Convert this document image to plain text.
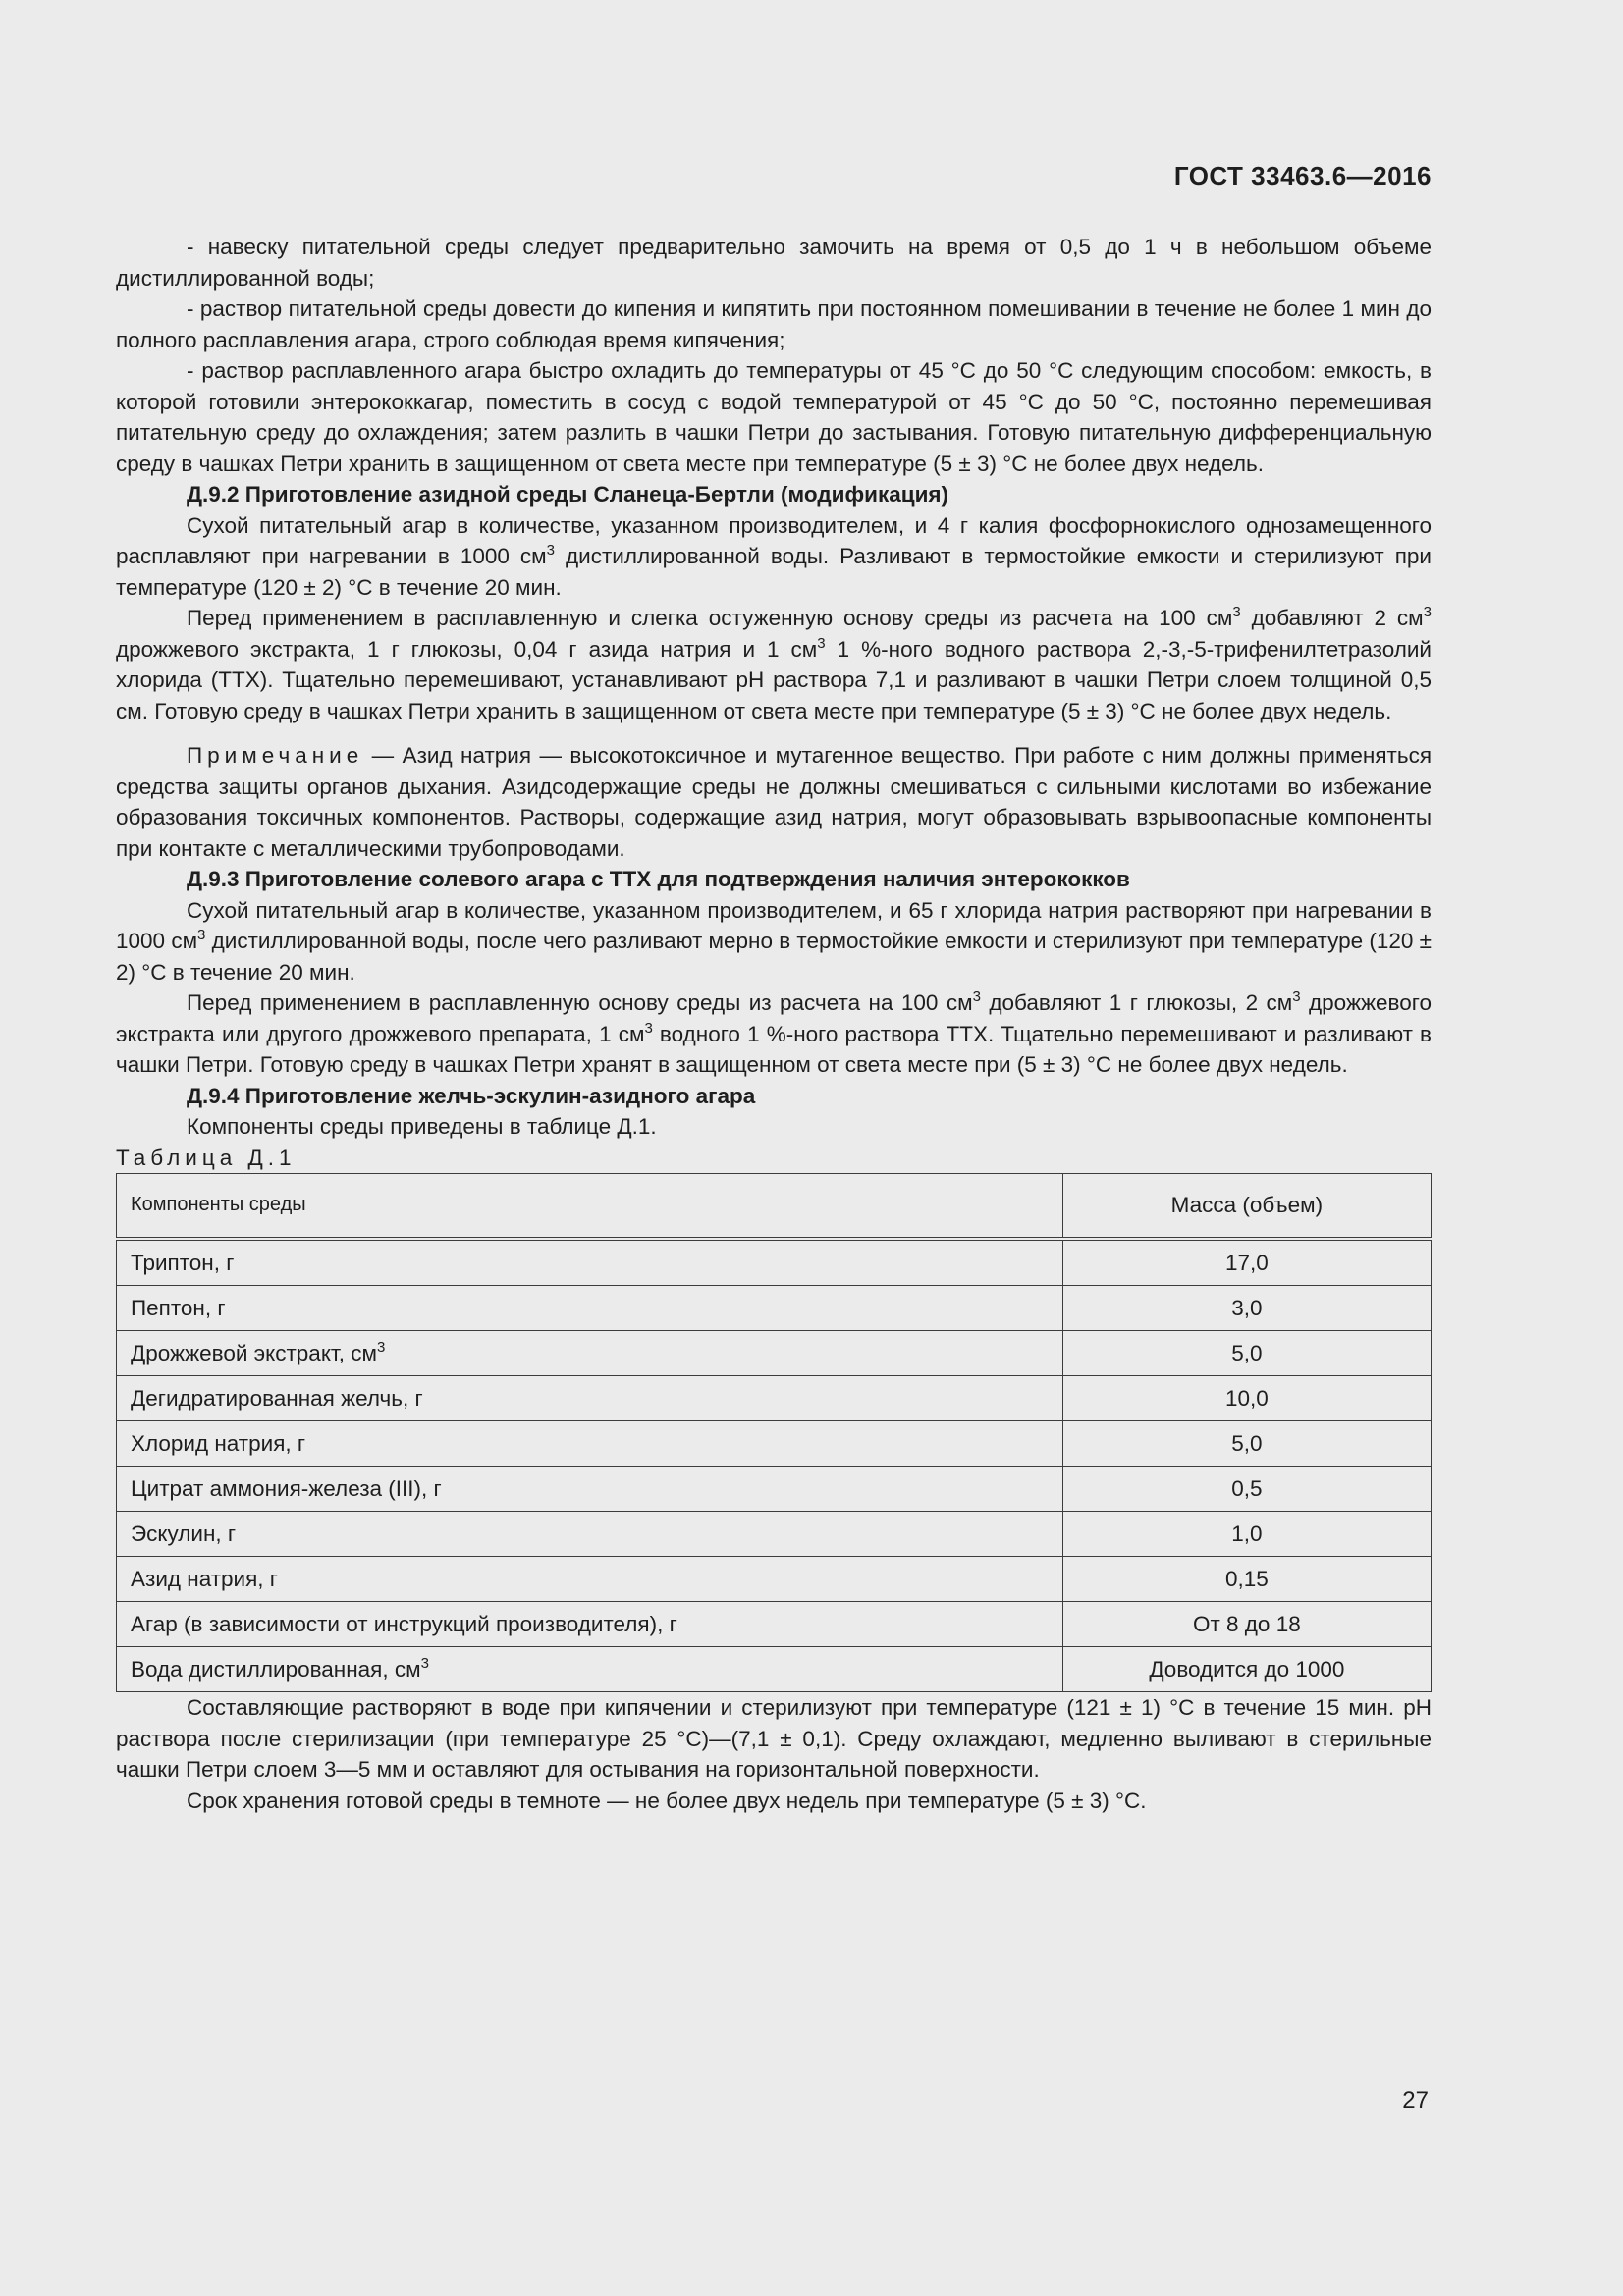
ГОСТ 33463.6—2016

- навеску питательной среды следует предварительно замочить на время от 0,5 до 1 ч в небольшом объеме дистиллированной воды;

- раствор питательной среды довести до кипения и кипятить при постоянном помешивании в течение не более 1 мин до полного расплавления агара, строго соблюдая время кипячения;

- раствор расплавленного агара быстро охладить до температуры от 45 °С до 50 °С следующим способом: емкость, в которой готовили энтерококкагар, поместить в сосуд с водой температурой от 45 °С до 50 °С, постоянно перемешивая питательную среду до охлаждения; затем разлить в чашки Петри до застывания. Готовую питательную дифференциальную среду в чашках Петри хранить в защищенном от света месте при температуре (5 ± 3) °С не более двух недель.

Д.9.2 Приготовление азидной среды Сланеца-Бертли (модификация)

Сухой питательный агар в количестве, указанном производителем, и 4 г калия фосфорнокислого однозамещенного расплавляют при нагревании в 1000 $см^3$ дистиллированной воды. Разливают в термостойкие емкости и стерилизуют при температуре (120 ± 2) °С в течение 20 мин.

Перед применением в расплавленную и слегка остуженную основу среды из расчета на 100 $см^3$ добавляют 2 $см^3$ дрожжевого экстракта, 1 г глюкозы, 0,04 г азида натрия и 1 $см^3$ 1 %-ного водного раствора 2,-3,-5-трифенилтетразолий хлорида (ТТХ). Тщательно перемешивают, устанавливают рН раствора 7,1 и разливают в чашки Петри слоем толщиной 0,5 см. Готовую среду в чашках Петри хранить в защищенном от света месте при температуре (5 ± 3) °С не более двух недель.

Примечание — Азид натрия — высокотоксичное и мутагенное вещество. При работе с ним должны применяться средства защиты органов дыхания. Азидсодержащие среды не должны смешиваться с сильными кислотами во избежание образования токсичных компонентов. Растворы, содержащие азид натрия, могут образовывать взрывоопасные компоненты при контакте с металлическими трубопроводами.

Д.9.3 Приготовление солевого агара с ТТХ для подтверждения наличия энтерококков

Сухой питательный агар в количестве, указанном производителем, и 65 г хлорида натрия растворяют при нагревании в 1000 $см^3$ дистиллированной воды, после чего разливают мерно в термостойкие емкости и стерилизуют при температуре (120 ± 2) °С в течение 20 мин.

Перед применением в расплавленную основу среды из расчета на 100 $см^3$ добавляют 1 г глюкозы, 2 $см^3$ дрожжевого экстракта или другого дрожжевого препарата, 1 $см^3$ водного 1 %-ного раствора ТТХ. Тщательно перемешивают и разливают в чашки Петри. Готовую среду в чашках Петри хранят в защищенном от света месте при (5 ± 3) °С не более двух недель.

Д.9.4 Приготовление желчь-эскулин-азидного агара

Компоненты среды приведены в таблице Д.1.

Таблица Д.1

Компоненты среды	Масса (объем)
Триптон, г	17,0
Пептон, г	3,0
Дрожжевой экстракт, $см^3$	5,0
Дегидратированная желчь, г	10,0
Хлорид натрия, г	5,0
Цитрат аммония-железа (III), г	0,5
Эскулин, г	1,0
Азид натрия, г	0,15
Агар (в зависимости от инструкций производителя), г	От 8 до 18
Вода дистиллированная, $см^3$	Доводится до 1000

Составляющие растворяют в воде при кипячении и стерилизуют при температуре (121 ± 1) °С в течение 15 мин. рН раствора после стерилизации (при температуре 25 °С)—(7,1 ± 0,1). Среду охлаждают, медленно выливают в стерильные чашки Петри слоем 3—5 мм и оставляют для остывания на горизонтальной поверхности.

Срок хранения готовой среды в темноте — не более двух недель при температуре (5 ± 3) °С.

27
